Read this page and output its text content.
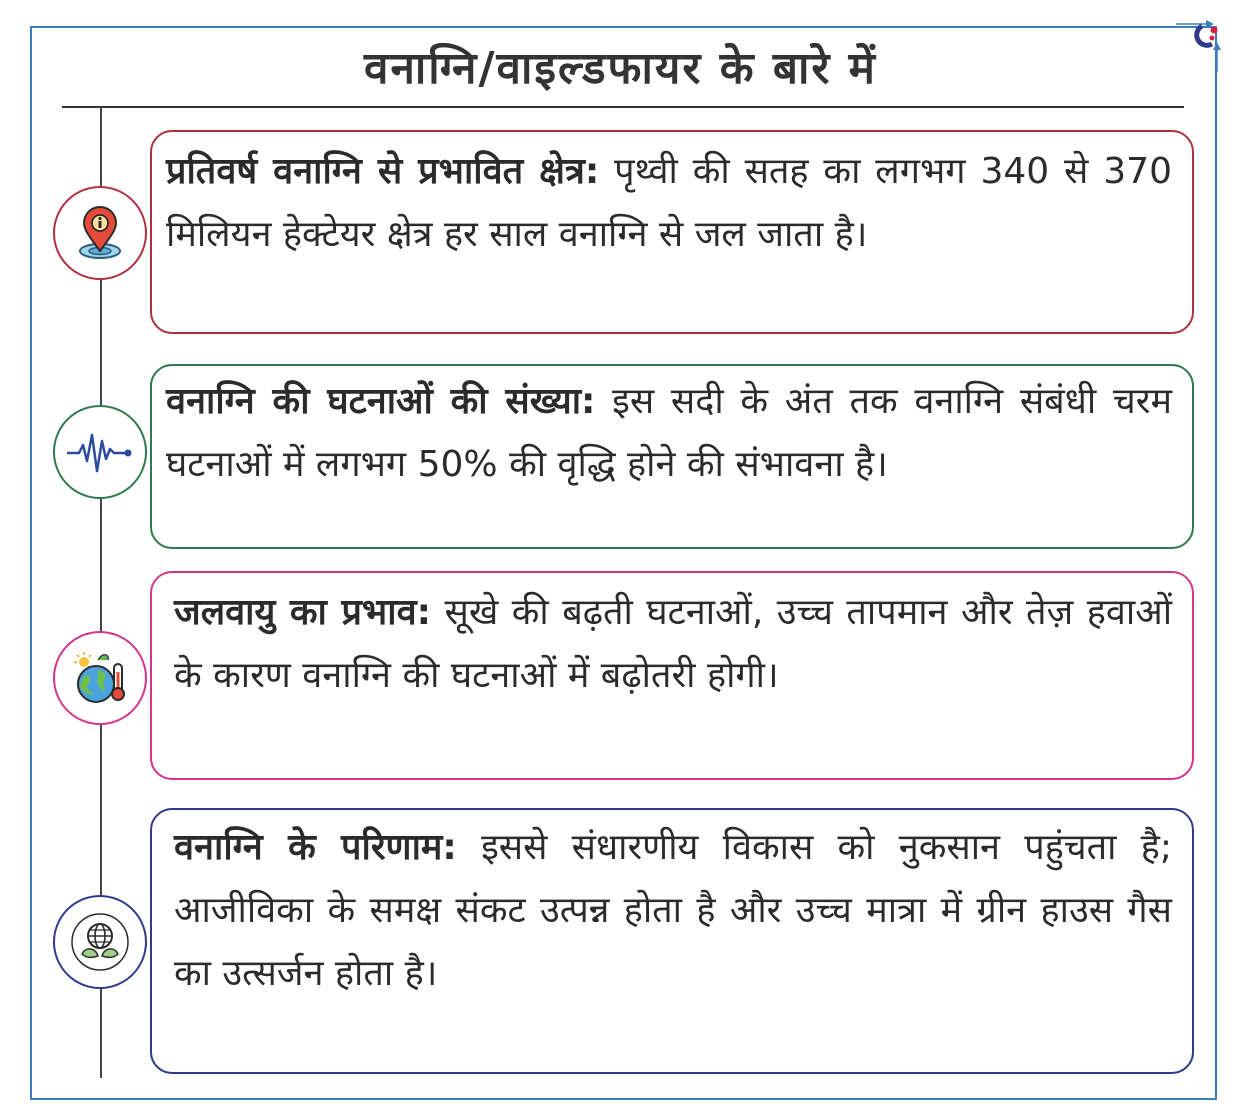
वनाग्नि/वाइल्डफायर के बारे में
प्रतिवर्ष वनाग्नि से प्रभावित क्षेत्र: पृथ्वी की सतह का लगभग 340 से 370 मिलियन हेक्टेयर क्षेत्र हर साल वनाग्नि से जल जाता है।
वनाग्नि की घटनाओं की संख्या: इस सदी के अंत तक वनाग्नि संबंधी चरम घटनाओं में लगभग 50% की वृद्धि होने की संभावना है।
जलवायु का प्रभाव: सूखे की बढ़ती घटनाओं, उच्च तापमान और तेज़ हवाओं के कारण वनाग्नि की घटनाओं में बढ़ोतरी होगी।
वनाग्नि के परिणाम: इससे संधारणीय विकास को नुकसान पहुंचता है; आजीविका के समक्ष संकट उत्पन्न होता है और उच्च मात्रा में ग्रीन हाउस गैस का उत्सर्जन होता है।
